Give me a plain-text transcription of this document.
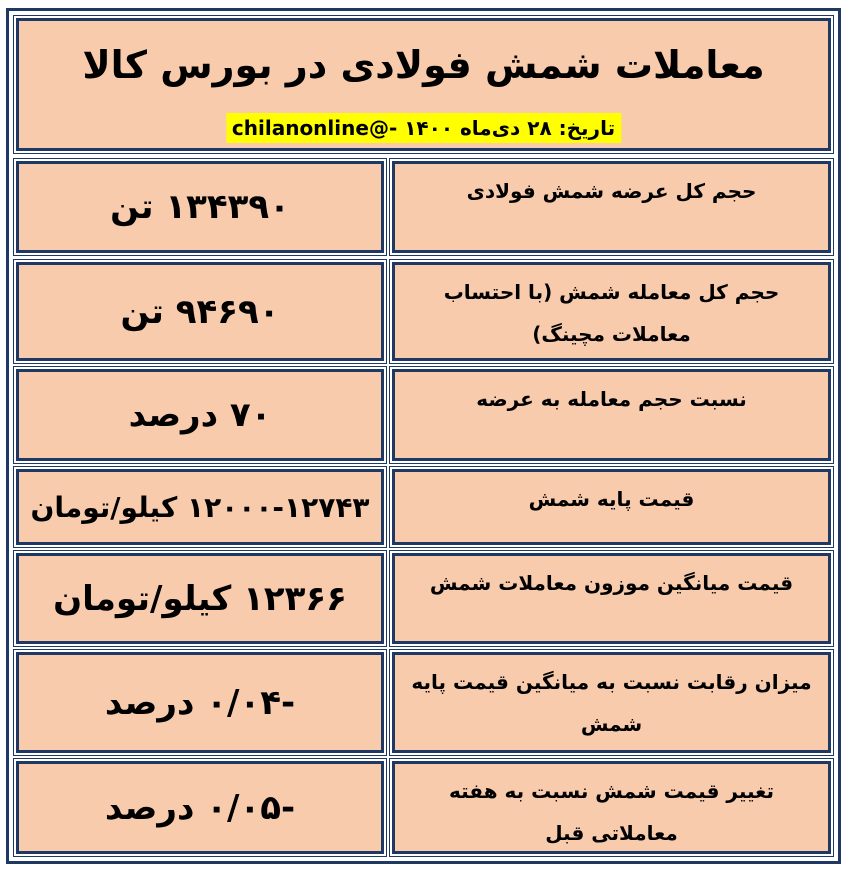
معاملات شمش فولادی در بورس کالا
تاریخ: ۲۸ دی‌ماه ۱۴۰۰ -@chilanonline
حجم کل عرضه شمش فولادی
۱۳۴۳۹۰ تن
حجم کل معامله شمش (با احتساب معاملات مچینگ)
۹۴۶۹۰ تن
نسبت حجم معامله به عرضه
۷۰ درصد
قیمت پایه شمش
۱۲۰۰۰-۱۲۷۴۳ کیلو/تومان
قیمت میانگین موزون معاملات شمش
۱۲۳۶۶ کیلو/تومان
میزان رقابت نسبت به میانگین قیمت پایه شمش
-۰/۰۴ درصد
تغییر قیمت شمش نسبت به هفته معاملاتی قبل
-۰/۰۵ درصد
